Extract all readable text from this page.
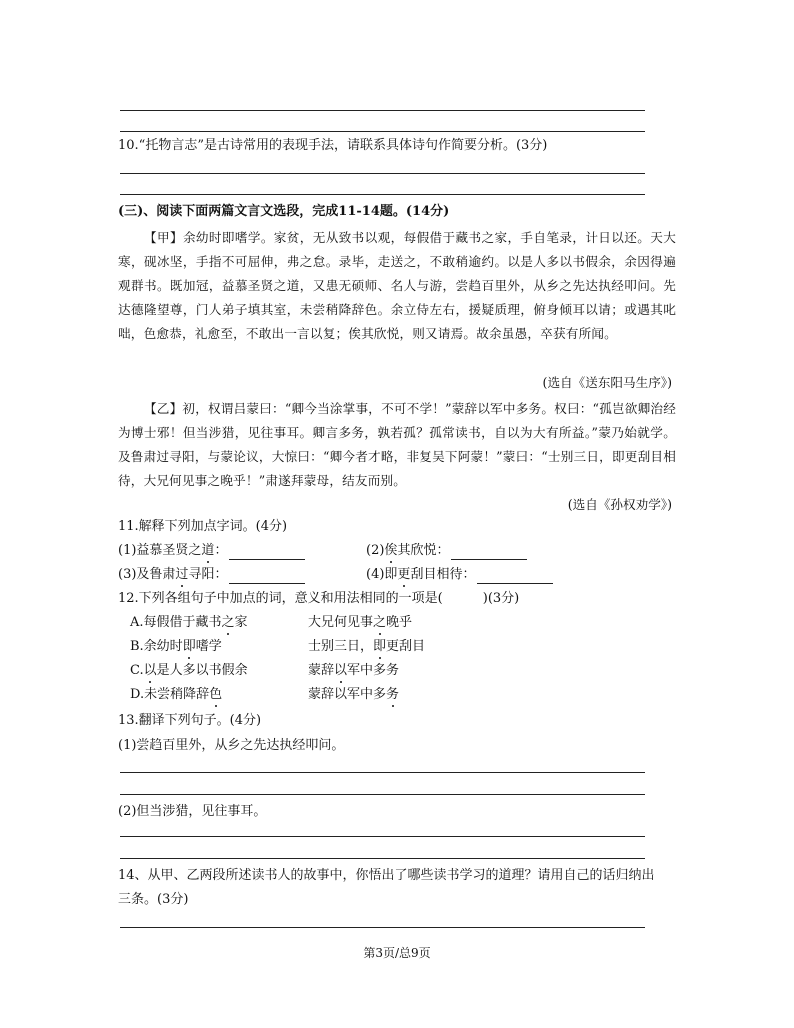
10.“托物言志”是古诗常用的表现手法，请联系具体诗句作简要分析。(3分)
(三)、阅读下面两篇文言文选段，完成11-14题。(14分)
【甲】余幼时即嗜学。家贫，无从致书以观，每假借于藏书之家，手自笔录，计日以还。天大寒，砚冰坚，手指不可屈伸，弗之怠。录毕，走送之，不敢稍逾约。以是人多以书假余，余因得遍观群书。既加冠，益慕圣贤之道，又患无硕师、名人与游，尝趋百里外，从乡之先达执经叩问。先达德隆望尊，门人弟子填其室，未尝稍降辞色。余立侍左右，援疑质理，俯身倾耳以请；或遇其叱咄，色愈恭，礼愈至，不敢出一言以复；俟其欣悦，则又请焉。故余虽愚，卒获有所闻。
(选自《送东阳马生序》)
【乙】初，权谓吕蒙曰：“卿今当涂掌事，不可不学！”蒙辞以军中多务。权曰：“孤岂欲卿治经为博士邪！但当涉猎，见往事耳。卿言多务，孰若孤？孤常读书，自以为大有所益。”蒙乃始就学。及鲁肃过寻阳，与蒙论议，大惊曰：“卿今者才略，非复吴下阿蒙！”蒙曰：“士别三日，即更刮目相待，大兄何见事之晚乎！”肃遂拜蒙母，结友而别。
(选自《孙权劝学》)
11.解释下列加点字词。(4分)
(1)益慕圣贤之道：	(2)俟其欣悦：
(3)及鲁肃过寻阳：	(4)即更刮目相待：
12.下列各组句子中加点的词，意义和用法相同的一项是(	)(3分)
A.每假借于藏书之家	大兄何见事之晚乎
B.余幼时即嗜学	士别三日，即更刮目
C.以是人多以书假余	蒙辞以军中多务
D.未尝稍降辞色	蒙辞以军中多务
13.翻译下列句子。(4分)
(1)尝趋百里外，从乡之先达执经叩问。
(2)但当涉猎，见往事耳。
14、从甲、乙两段所述读书人的故事中，你悟出了哪些读书学习的道理？请用自己的话归纳出
三条。(3分)
第3页/总9页
